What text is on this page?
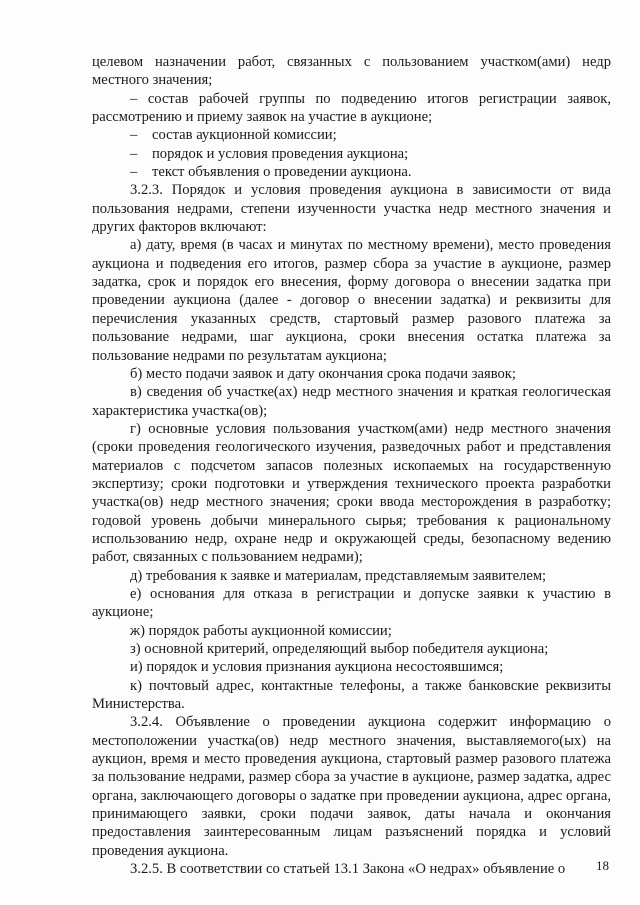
целевом назначении работ, связанных с пользованием участком(ами) недр местного значения;

– состав рабочей группы по подведению итогов регистрации заявок, рассмотрению и приему заявок на участие в аукционе;

– состав аукционной комиссии;

– порядок и условия проведения аукциона;

– текст объявления о проведении аукциона.

3.2.3. Порядок и условия проведения аукциона в зависимости от вида пользования недрами, степени изученности участка недр местного значения и других факторов включают:

а) дату, время (в часах и минутах по местному времени), место проведения аукциона и подведения его итогов, размер сбора за участие в аукционе, размер задатка, срок и порядок его внесения, форму договора о внесении задатка при проведении аукциона (далее - договор о внесении задатка) и реквизиты для перечисления указанных средств, стартовый размер разового платежа за пользование недрами, шаг аукциона, сроки внесения остатка платежа за пользование недрами по результатам аукциона;

б) место подачи заявок и дату окончания срока подачи заявок;

в) сведения об участке(ах) недр местного значения и краткая геологическая характеристика участка(ов);

г) основные условия пользования участком(ами) недр местного значения (сроки проведения геологического изучения, разведочных работ и представления материалов с подсчетом запасов полезных ископаемых на государственную экспертизу; сроки подготовки и утверждения технического проекта разработки участка(ов) недр местного значения; сроки ввода месторождения в разработку; годовой уровень добычи минерального сырья; требования к рациональному использованию недр, охране недр и окружающей среды, безопасному ведению работ, связанных с пользованием недрами);

д) требования к заявке и материалам, представляемым заявителем;

е) основания для отказа в регистрации и допуске заявки к участию в аукционе;

ж) порядок работы аукционной комиссии;

з) основной критерий, определяющий выбор победителя аукциона;

и) порядок и условия признания аукциона несостоявшимся;

к) почтовый адрес, контактные телефоны, а также банковские реквизиты Министерства.

3.2.4. Объявление о проведении аукциона содержит информацию о местоположении участка(ов) недр местного значения, выставляемого(ых) на аукцион, время и место проведения аукциона, стартовый размер разового платежа за пользование недрами, размер сбора за участие в аукционе, размер задатка, адрес органа, заключающего договоры о задатке при проведении аукциона, адрес органа, принимающего заявки, сроки подачи заявок, даты начала и окончания предоставления заинтересованным лицам разъяснений порядка и условий проведения аукциона.

3.2.5. В соответствии со статьей 13.1 Закона «О недрах» объявление о	18
